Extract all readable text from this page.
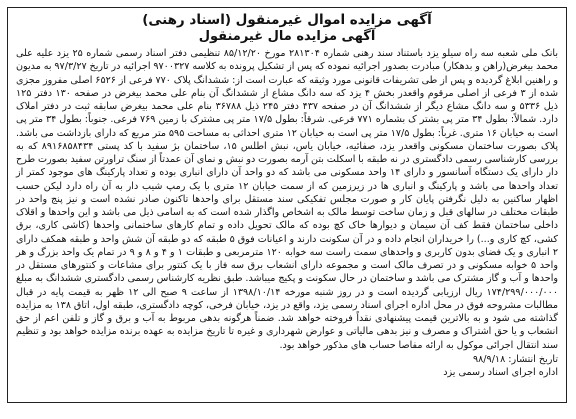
آگهی مزایده اموال غیرمنقول (اسناد رهنی)
آگهی مزایده مال غیرمنقول

بانک ملی شعبه سه راه سیلو یزد باستناد سند رهنی شماره ۲۸۱۳۰۴ مورخ ۸۵/۱۲/۲۰ تنظیمی دفتر اسناد رسمی شماره ۲۵ یزد علیه علی محمد بیغرض(راهن و بدهکار) مبادرت بصدور اجرائیه نموده که پس از تشکیل پرونده به کلاسه ۹۷۰۰۳۲۷ اجرائیه در تاریخ ۹۷/۳/۲۷ به مدیون و راهنین ابلاغ گردیده و پس از طی تشریفات قانونی مورد وثیقه که عبارت است از: ششدانگ پلاک ۷۷۰ فرعی از ۶۵۲۶ اصلی مفروز مجزی شده از ۳ فرعی از اصلی مرقوم واقعدر بخش ۴ یزد که سه دانگ مشاع از ششدانگ آن بنام علی محمد بیغرض در صفحه ۱۳۰ دفتر ۱۲۵ ذیل ۵۳۳۶ و سه دانگ مشاع دیگر از ششدانگ آن در صفحه ۴۳۷ دفتر ۲۴۵ ذیل ۳۶۷۸۸ بنام علی محمد بیغرض سابقه ثبت در دفتر املاک دارد. شمالاً: بطول ۳۴ متر پی بشتر ک بشماره ۷۷۱ فرعی. شرقاً: بطول ۱۷/۵ متر پی مشترک با زمین ۷۶۹ فرعی. جنوباً: بطول ۳۴ متر پی است به خیابان ۱۶ متری. غرباً: بطول ۱۷/۵ متر پی است به خیابان ۱۲ متری احداثی به مساحت ۵۹۵ متر مربع که دارای بازداشت می باشد. پلاک بصورت ساختمان مسکونی واقعدر یزد، صفائیه، خیابان یاس، نبش اطلس ۱۵، ساختمان بژ سفید با کد پستی ۸۹۱۶۸۵۸۴۳۴ که به بررسی کارشناسی رسمی دادگستری در نه طبقه با اسکلت بتن آرمه بصورت دو نبش و نمای آن عمدتاً از سنگ تراورتن سفید بصورت طرح دار دارای یک دستگاه آسانسور و دارای ۱۴ واحد مسکونی می باشد که دو واحد آن دارای انباری بوده و تعداد پارکینگ های موجود کمتر از تعداد واحدها می باشد و پارکینگ و انباری ها در زیرزمین که از سمت خیابان ۱۲ متری با یک رمپ شیب دار به آن راه دارد لیکن حسب اظهار ساکنین به دلیل نگرفتن پایان کار و صورت مجلس تفکیکی سند مستقل برای واحدها تاکنون صادر نشده است و نیز پنج واحد در طبقات مختلف در سالهای قبل و زمان ساخت توسط مالک به اشخاص واگذار شده است که به اسامی ذیل می باشد و این واحدها و اقلاک داخلی ساختمان فقط کف آن سیمان و دیوارها خاک کچ بوده که مالک تحویل داده و تمام کارهای ساختمانی واحدها (کاشی کاری، برق کشی، کچ کاری و...) را خریداران انجام داده و در آن سکونت دارند و اعیانات فوق ۵ طبقه که دو طبقه آن شش واحد و طبقه همکف دارای ۲ انباری و یک فضای بدون کاربری و واحدهای سمت راست سه خوابه ۱۲۰ مترمربعی و طبقات ۱ و ۴ و ۸ و ۹ در تمام یک واحد بزرگ و هر واحد ۵ خوابه مسکونی و در تصرف مالک است و مجموعه دارای انشعاب برق سه فاز با یک کنتور برای مشاعات و کنتورهای مستقل در واحدها و آب و گاز مشترک می باشد و ساختمان در حال سکونت و پکیج میباشد. طبق نظریه کارشناس رسمی دادگستری ششدانگ به مبلغ ۱۷۴/۲۹۹/۰۰۰/۰۰۰ ریال ارزیابی گردیده است و در روز شنبه مورخه ۱۳۹۸/۱۰/۱۴ از ساعت ۹ صبح الی ۱۲ ظهر به قیمت پایه در قبال مطالبات مشروحه فوق در محل اداره اجرای اسناد رسمی یزد، واقع در یزد، خیابان فرخی، کوچه دادگستری، طبقه اول، اتاق ۱۳۸ به مزایده گذاشته می شود و به بالاترین قیمت پیشنهادی نقداً فروخته خواهد شد. ضمناً هرگونه بدهی مربوط به آب و برق و گاز و تلفن اعم از حق انشعاب و یا حق اشتراک و مصرف و نیز بدهی مالیاتی و عوارض شهرداری و غیره تا تاریخ مزایده به عهده برنده مزایده خواهد بود و تنظیم سند انتقال اجرائی موکول به ارائه مفاصا حساب های مذکور خواهد بود.

تاریخ انتشار: ۹۸/۹/۱۸
اداره اجرای اسناد رسمی یزد
